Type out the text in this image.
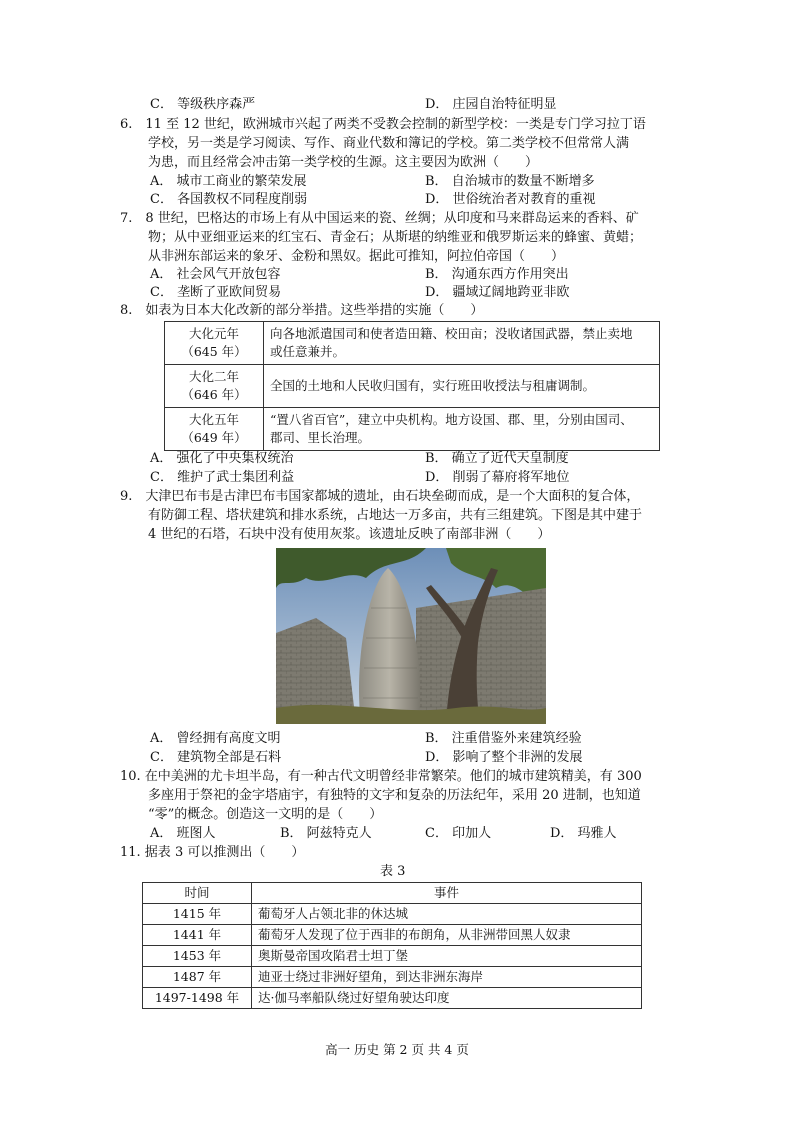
C． 等级秩序森严	D． 庄园自治特征明显
6.　11 至 12 世纪，欧洲城市兴起了两类不受教会控制的新型学校：一类是专门学习拉丁语
学校，另一类是学习阅读、写作、商业代数和簿记的学校。第二类学校不但常常人满
为患，而且经常会冲击第一类学校的生源。这主要因为欧洲（　　）
A． 城市工商业的繁荣发展	B． 自治城市的数量不断增多
C． 各国教权不同程度削弱	D． 世俗统治者对教育的重视
7.　8 世纪，巴格达的市场上有从中国运来的瓷、丝绸；从印度和马来群岛运来的香料、矿
物；从中亚细亚运来的红宝石、青金石；从斯堪的纳维亚和俄罗斯运来的蜂蜜、黄蜡；
从非洲东部运来的象牙、金粉和黑奴。据此可推知，阿拉伯帝国（　　）
A． 社会风气开放包容	B． 沟通东西方作用突出
C． 垄断了亚欧间贸易	D． 疆域辽阔地跨亚非欧
8.　如表为日本大化改新的部分举措。这些举措的实施（　　）
大化元年
（645 年）	向各地派遣国司和使者造田籍、校田亩；没收诸国武器，禁止卖地
或任意兼并。
大化二年
（646 年）	全国的土地和人民收归国有，实行班田收授法与租庸调制。
大化五年
（649 年）	“置八省百官”，建立中央机构。地方设国、郡、里，分别由国司、
郡司、里长治理。
A． 强化了中央集权统治	B． 确立了近代天皇制度
C． 维护了武士集团利益	D． 削弱了幕府将军地位
9.　大津巴布韦是古津巴布韦国家都城的遗址，由石块垒砌而成，是一个大面积的复合体，
有防御工程、塔状建筑和排水系统，占地达一万多亩，共有三组建筑。下图是其中建于
4 世纪的石塔，石块中没有使用灰浆。该遗址反映了南部非洲（　　）
A． 曾经拥有高度文明	B． 注重借鉴外来建筑经验
C． 建筑物全部是石料	D． 影响了整个非洲的发展
10. 在中美洲的尤卡坦半岛，有一种古代文明曾经非常繁荣。他们的城市建筑精美，有 300
多座用于祭祀的金字塔庙宇，有独特的文字和复杂的历法纪年，采用 20 进制，也知道
“零”的概念。创造这一文明的是（　　）
A． 班图人	B． 阿兹特克人	C． 印加人	D． 玛雅人
11. 据表 3 可以推测出（　　）
表 3
时间	事件
1415 年	葡萄牙人占领北非的休达城
1441 年	葡萄牙人发现了位于西非的布朗角，从非洲带回黑人奴隶
1453 年	奥斯曼帝国攻陷君士坦丁堡
1487 年	迪亚士绕过非洲好望角，到达非洲东海岸
1497-1498 年	达·伽马率船队绕过好望角驶达印度
高一 历史 第 2 页 共 4 页
